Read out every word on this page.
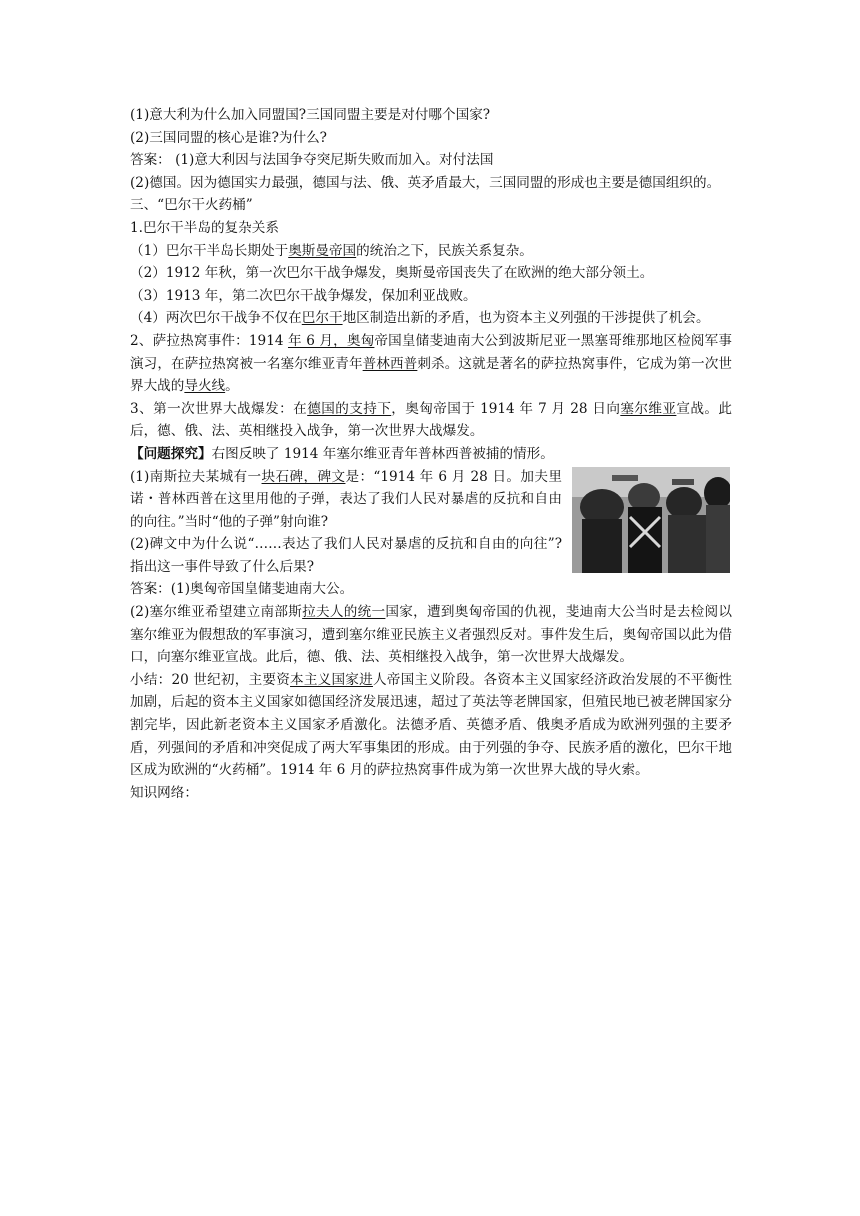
(1)意大利为什么加入同盟国?三国同盟主要是对付哪个国家?

(2)三国同盟的核心是谁?为什么?

答案： (1)意大利因与法国争夺突尼斯失败而加入。对付法国

(2)德国。因为德国实力最强，德国与法、俄、英矛盾最大，三国同盟的形成也主要是德国组织的。

三、“巴尔干火药桶”

1.巴尔干半岛的复杂关系

（1）巴尔干半岛长期处于奥斯曼帝国的统治之下，民族关系复杂。

（2）1912 年秋，第一次巴尔干战争爆发，奥斯曼帝国丧失了在欧洲的绝大部分领土。

（3）1913 年，第二次巴尔干战争爆发，保加利亚战败。

（4）两次巴尔干战争不仅在巴尔干地区制造出新的矛盾，也为资本主义列强的干涉提供了机会。

2、萨拉热窝事件：1914 年 6 月，奥匈帝国皇储斐迪南大公到波斯尼亚一黑塞哥维那地区检阅军事演习，在萨拉热窝被一名塞尔维亚青年普林西普刺杀。这就是著名的萨拉热窝事件，它成为第一次世界大战的导火线。

3、第一次世界大战爆发：在德国的支持下，奥匈帝国于 1914 年 7 月 28 日向塞尔维亚宣战。此后，德、俄、法、英相继投入战争，第一次世界大战爆发。

【问题探究】右图反映了 1914 年塞尔维亚青年普林西普被捕的情形。

(1)南斯拉夫某城有一块石碑，碑文是：“1914 年 6 月 28 日。加夫里诺・普林西普在这里用他的子弹，表达了我们人民对暴虐的反抗和自由的向往。”当时“他的子弹”射向谁?

(2)碑文中为什么说“……表达了我们人民对暴虐的反抗和自由的向往”?指出这一事件导致了什么后果?

答案：(1)奥匈帝国皇储斐迪南大公。

(2)塞尔维亚希望建立南部斯拉夫人的统一国家，遭到奥匈帝国的仇视，斐迪南大公当时是去检阅以塞尔维亚为假想敌的军事演习，遭到塞尔维亚民族主义者强烈反对。事件发生后，奥匈帝国以此为借口，向塞尔维亚宣战。此后，德、俄、法、英相继投入战争，第一次世界大战爆发。

小结：20 世纪初，主要资本主义国家进人帝国主义阶段。各资本主义国家经济政治发展的不平衡性加剧，后起的资本主义国家如德国经济发展迅速，超过了英法等老牌国家，但殖民地已被老牌国家分割完毕，因此新老资本主义国家矛盾激化。法德矛盾、英德矛盾、俄奥矛盾成为欧洲列强的主要矛盾，列强间的矛盾和冲突促成了两大军事集团的形成。由于列强的争夺、民族矛盾的激化，巴尔干地区成为欧洲的“火药桶”。1914 年 6 月的萨拉热窝事件成为第一次世界大战的导火索。

知识网络：
